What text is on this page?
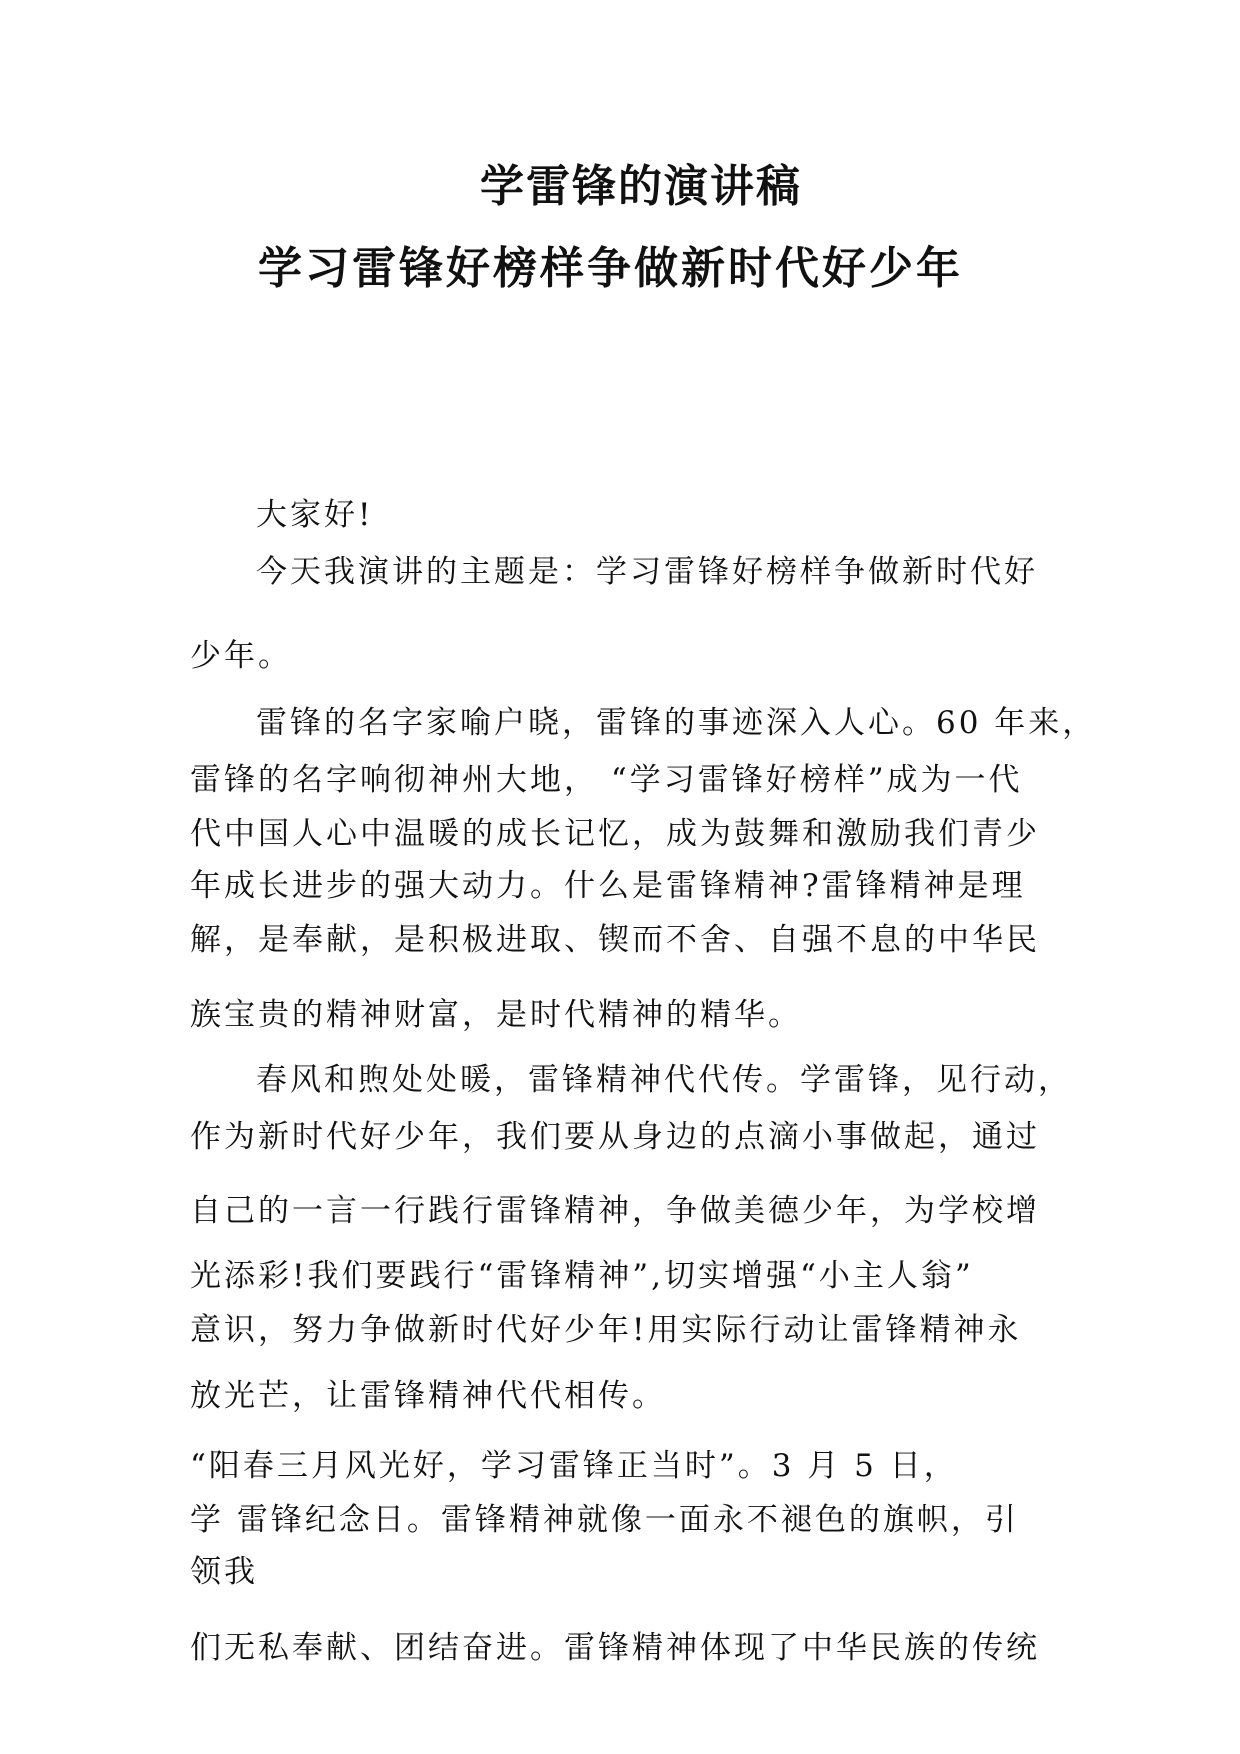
学雷锋的演讲稿
学习雷锋好榜样争做新时代好少年
大家好!
今天我演讲的主题是：学习雷锋好榜样争做新时代好
少年。
雷锋的名字家喻户晓，雷锋的事迹深入人心。60 年来，
雷锋的名字响彻神州大地， “学习雷锋好榜样”成为一代
代中国人心中温暖的成长记忆，成为鼓舞和激励我们青少
年成长进步的强大动力。什么是雷锋精神?雷锋精神是理
解，是奉献，是积极进取、锲而不舍、自强不息的中华民
族宝贵的精神财富，是时代精神的精华。
春风和煦处处暖，雷锋精神代代传。学雷锋，见行动，
作为新时代好少年，我们要从身边的点滴小事做起，通过
自己的一言一行践行雷锋精神，争做美德少年，为学校增
光添彩!我们要践行“雷锋精神”,切实增强“小主人翁”
意识，努力争做新时代好少年!用实际行动让雷锋精神永
放光芒，让雷锋精神代代相传。
“阳春三月风光好，学习雷锋正当时”。3 月 5 日，
学 雷锋纪念日。雷锋精神就像一面永不褪色的旗帜，引
领我
们无私奉献、团结奋进。雷锋精神体现了中华民族的传统
